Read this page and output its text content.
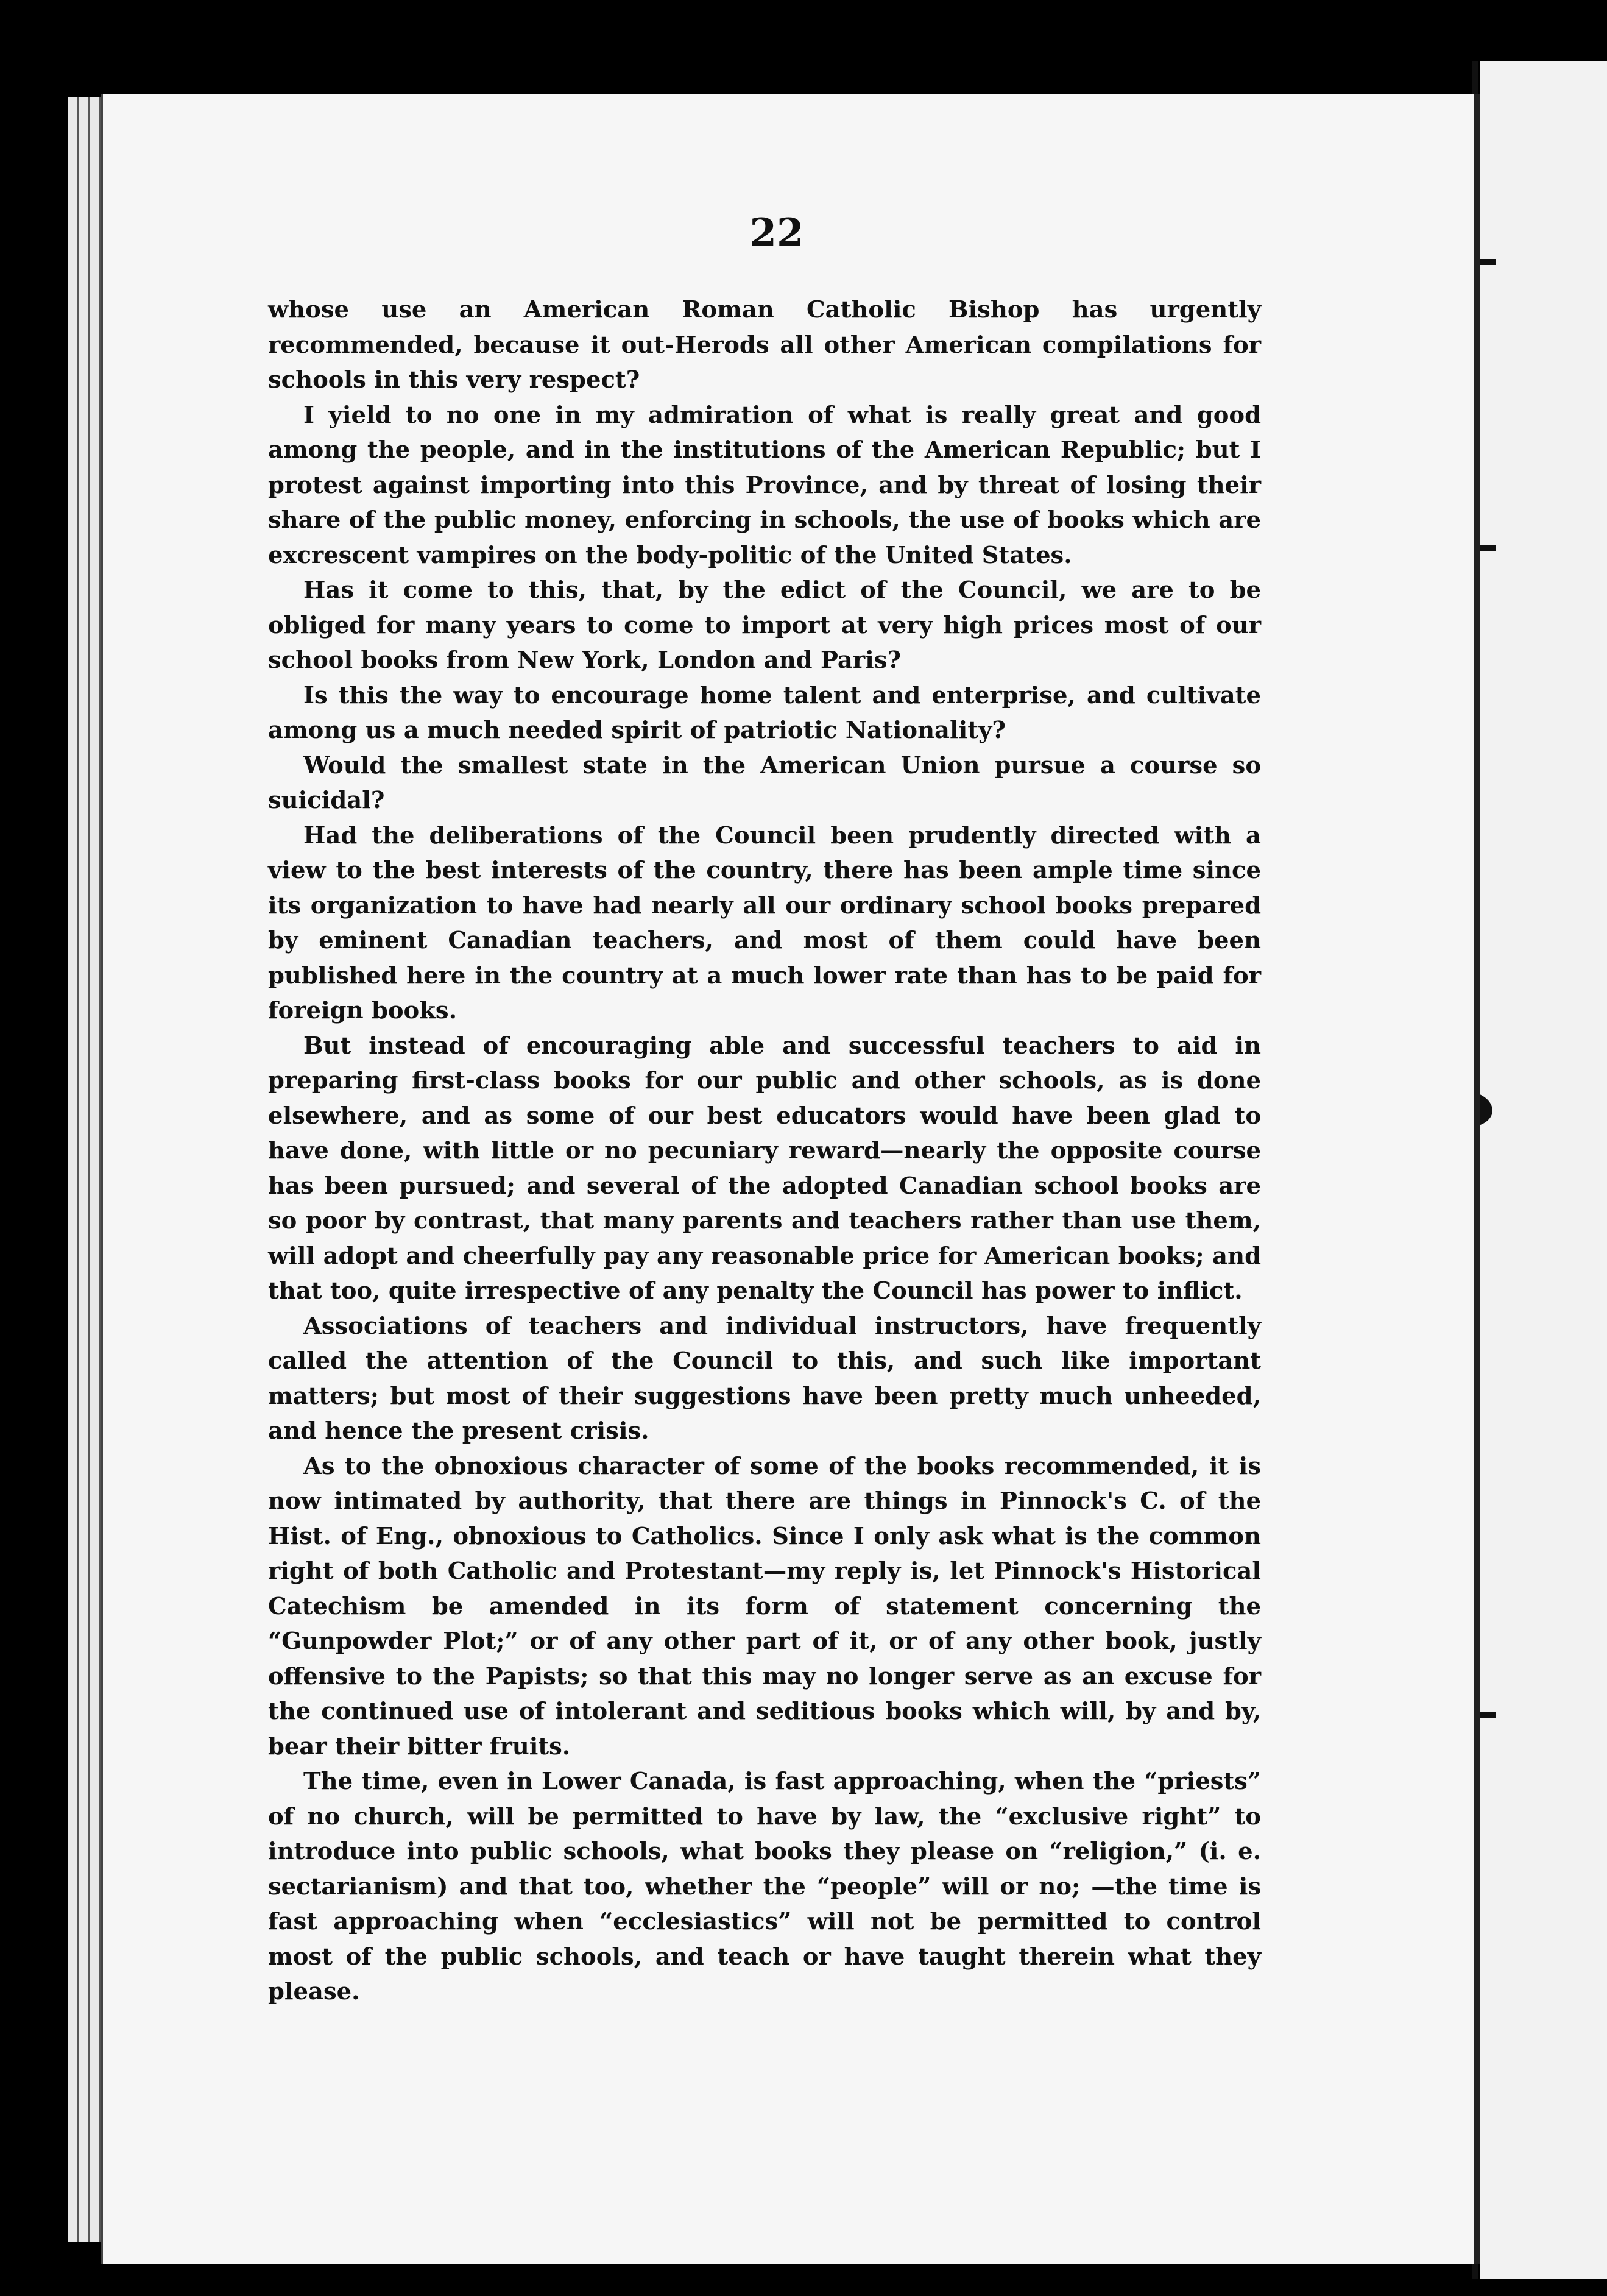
22

whose use an American Roman Catholic Bishop has urgently recommended, because it out-Herods all other American compilations for schools in this very respect?

I yield to no one in my admiration of what is really great and good among the people, and in the institutions of the American Republic; but I protest against importing into this Province, and by threat of losing their share of the public money, enforcing in schools, the use of books which are excrescent vampires on the body-politic of the United States.

Has it come to this, that, by the edict of the Council, we are to be obliged for many years to come to import at very high prices most of our school books from New York, London and Paris?

Is this the way to encourage home talent and enterprise, and cultivate among us a much needed spirit of patriotic Nationality?

Would the smallest state in the American Union pursue a course so suicidal?

Had the deliberations of the Council been prudently directed with a view to the best interests of the country, there has been ample time since its organization to have had nearly all our ordinary school books prepared by eminent Canadian teachers, and most of them could have been published here in the country at a much lower rate than has to be paid for foreign books.

But instead of encouraging able and successful teachers to aid in preparing first-class books for our public and other schools, as is done elsewhere, and as some of our best educators would have been glad to have done, with little or no pecuniary reward—nearly the opposite course has been pursued; and several of the adopted Canadian school books are so poor by contrast, that many parents and teachers rather than use them, will adopt and cheerfully pay any reasonable price for American books; and that too, quite irrespective of any penalty the Council has power to inflict.

Associations of teachers and individual instructors, have frequently called the attention of the Council to this, and such like important matters; but most of their suggestions have been pretty much unheeded, and hence the present crisis.

As to the obnoxious character of some of the books recommended, it is now intimated by authority, that there are things in Pinnock's C. of the Hist. of Eng., obnoxious to Catholics. Since I only ask what is the common right of both Catholic and Protestant—my reply is, let Pinnock's Historical Catechism be amended in its form of statement concerning the “Gunpowder Plot;” or of any other part of it, or of any other book, justly offensive to the Papists; so that this may no longer serve as an excuse for the continued use of intolerant and seditious books which will, by and by, bear their bitter fruits.

The time, even in Lower Canada, is fast approaching, when the “priests” of no church, will be permitted to have by law, the “exclusive right” to introduce into public schools, what books they please on “religion,” (i. e. sectarianism) and that too, whether the “people” will or no; —the time is fast approaching when “ecclesiastics” will not be permitted to control most of the public schools, and teach or have taught therein what they please.
